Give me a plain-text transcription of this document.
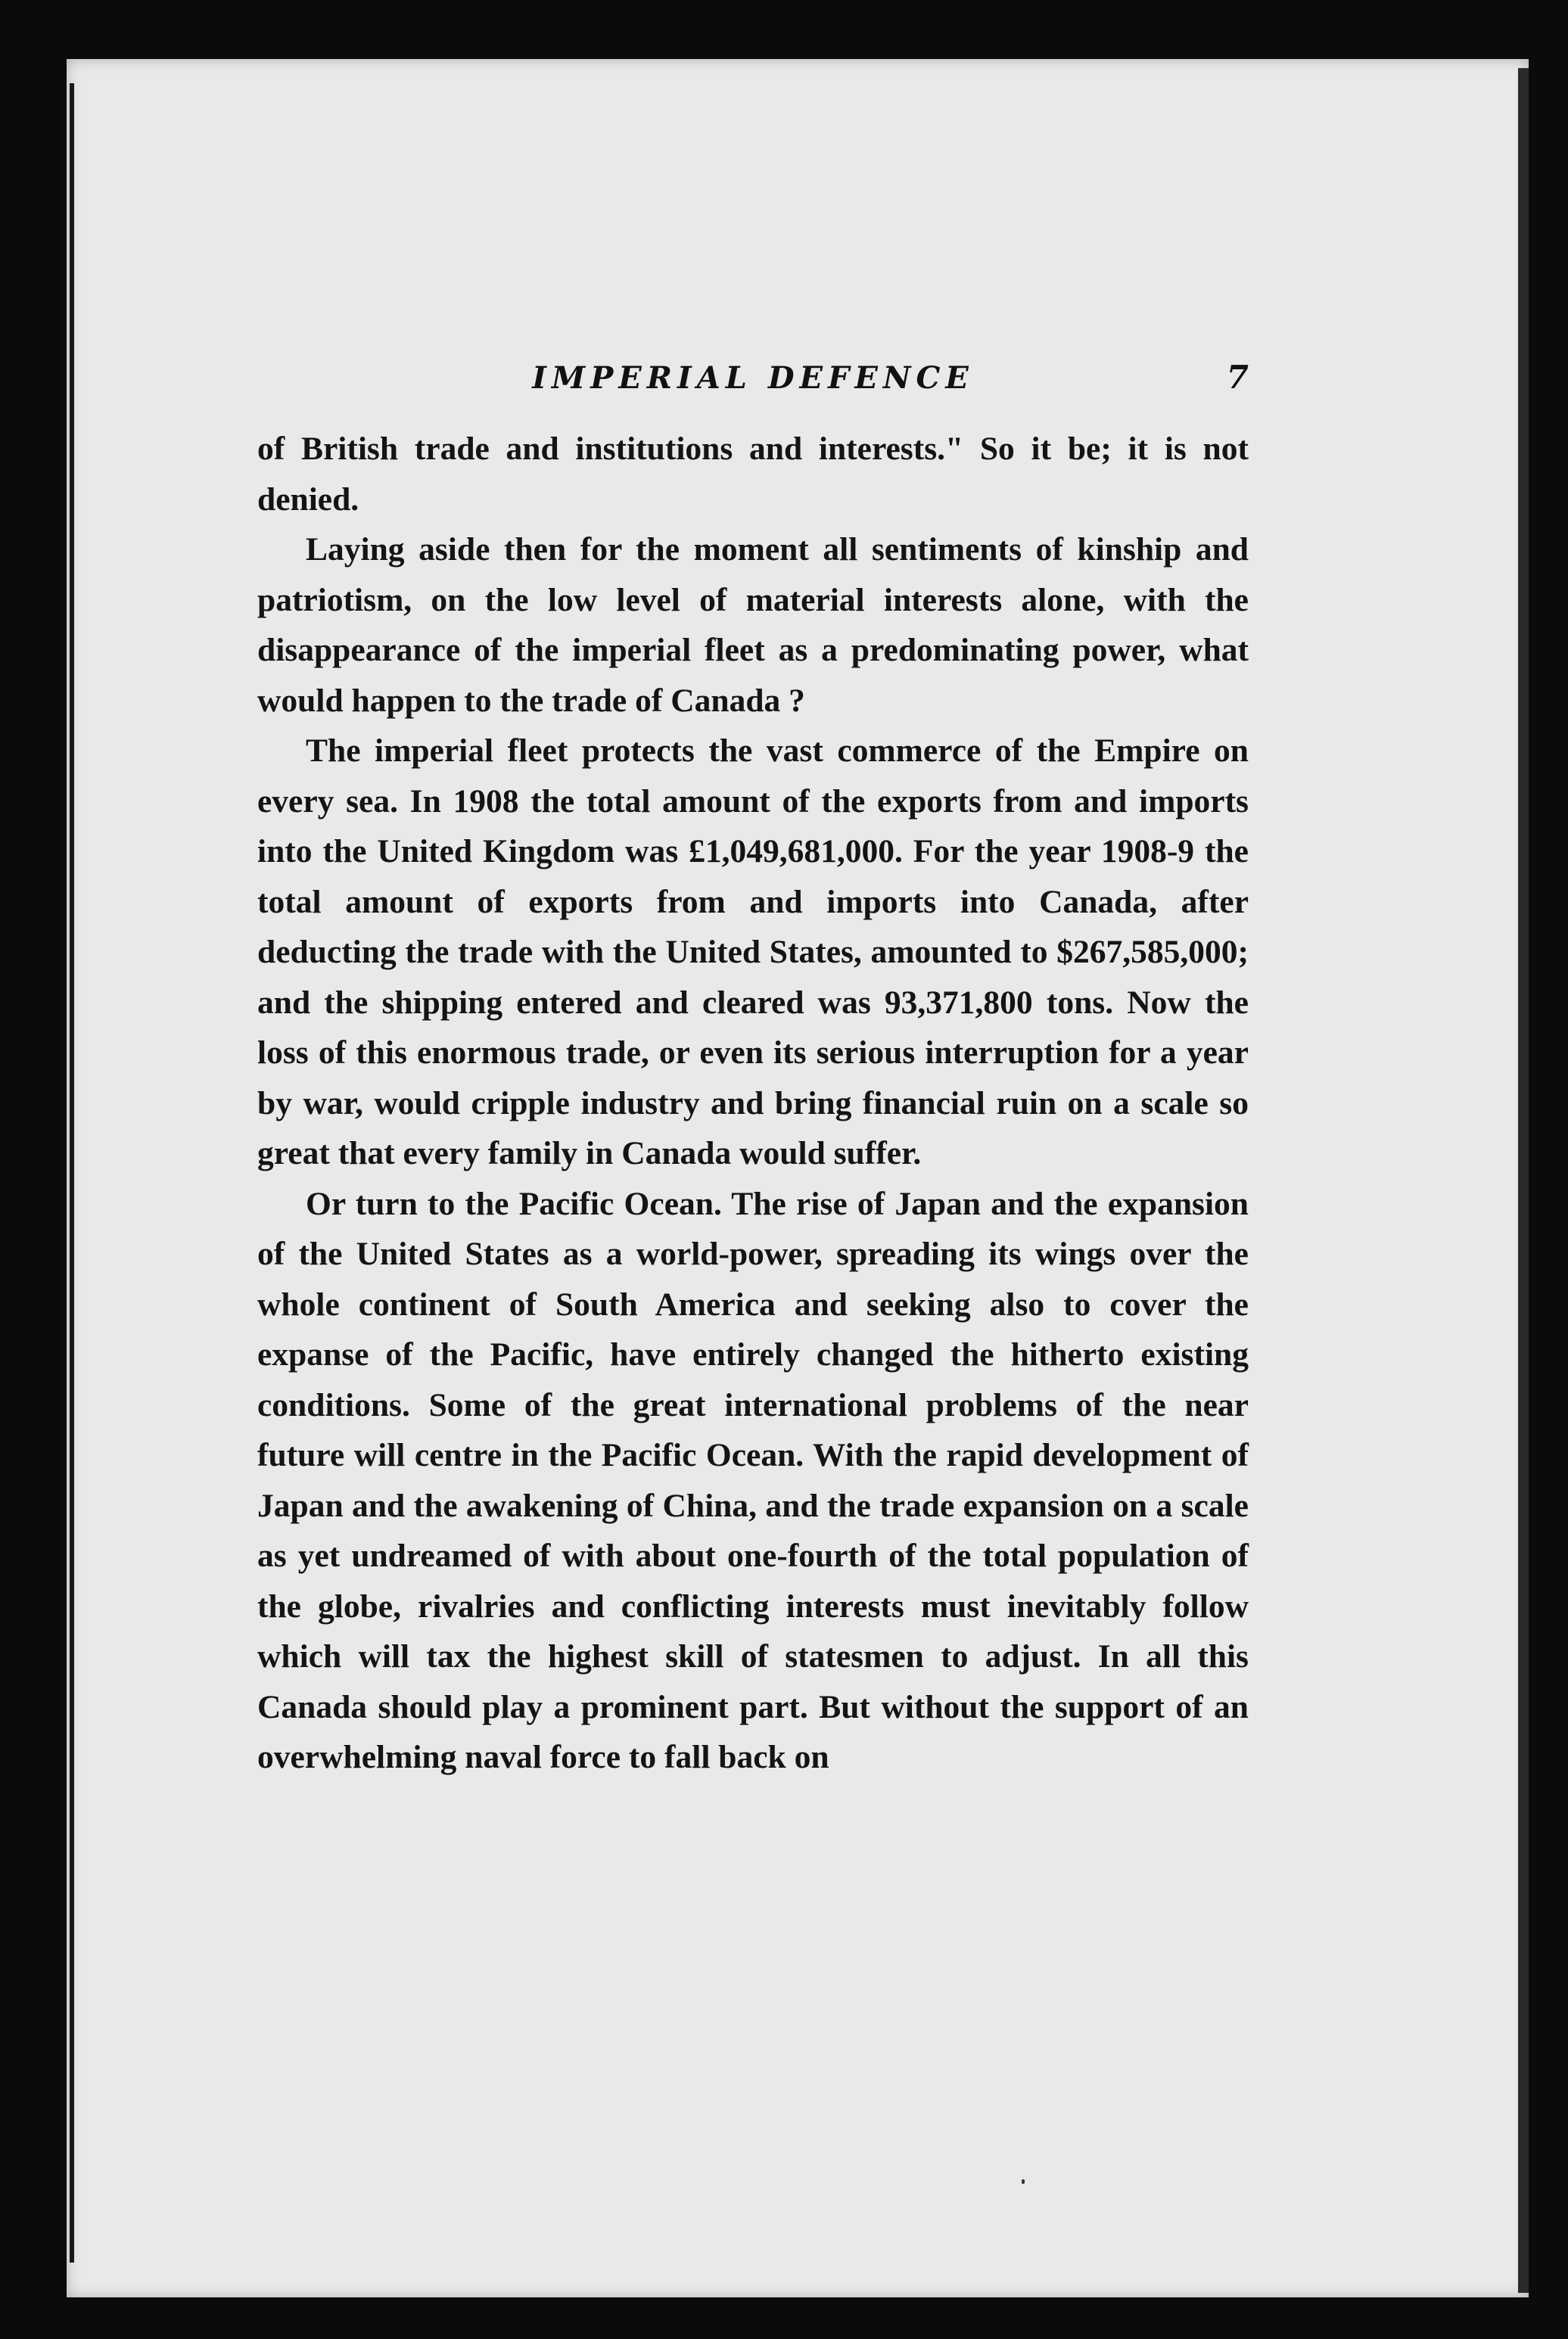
IMPERIAL DEFENCE	7

of British trade and institutions and interests." So it be; it is not denied.

Laying aside then for the moment all sentiments of kinship and patriotism, on the low level of material interests alone, with the disappearance of the imperial fleet as a predominating power, what would happen to the trade of Canada ?

The imperial fleet protects the vast commerce of the Empire on every sea. In 1908 the total amount of the exports from and imports into the United Kingdom was £1,049,681,000. For the year 1908-9 the total amount of exports from and imports into Canada, after deducting the trade with the United States, amounted to $267,585,000; and the shipping entered and cleared was 93,371,800 tons. Now the loss of this enormous trade, or even its serious interruption for a year by war, would cripple industry and bring financial ruin on a scale so great that every family in Canada would suffer.

Or turn to the Pacific Ocean. The rise of Japan and the expansion of the United States as a world-power, spreading its wings over the whole continent of South America and seeking also to cover the expanse of the Pacific, have entirely changed the hitherto existing conditions. Some of the great international problems of the near future will centre in the Pacific Ocean. With the rapid development of Japan and the awakening of China, and the trade expansion on a scale as yet undreamed of with about one-fourth of the total population of the globe, rivalries and conflicting interests must inevitably follow which will tax the highest skill of statesmen to adjust. In all this Canada should play a prominent part. But without the support of an overwhelming naval force to fall back on
